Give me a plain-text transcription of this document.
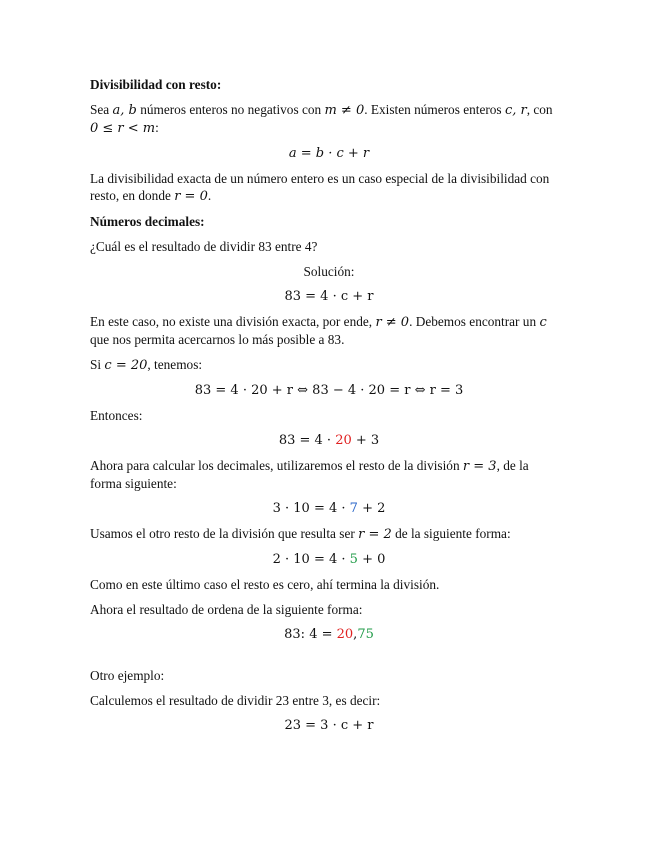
Divisibilidad con resto:

Sea a, b números enteros no negativos con m ≠ 0. Existen números enteros c, r, con
0 ≤ r < m:

a = b · c + r

La divisibilidad exacta de un número entero es un caso especial de la divisibilidad con
resto, en donde r = 0.

Números decimales:

¿Cuál es el resultado de dividir 83 entre 4?

Solución:

83 = 4 · c + r

En este caso, no existe una división exacta, por ende, r ≠ 0. Debemos encontrar un c
que nos permita acercarnos lo más posible a 83.

Si c = 20, tenemos:

83 = 4 · 20 + r ⇔ 83 − 4 · 20 = r ⇔ r = 3

Entonces:

83 = 4 · 20 + 3

Ahora para calcular los decimales, utilizaremos el resto de la división r = 3, de la
forma siguiente:

3 · 10 = 4 · 7 + 2

Usamos el otro resto de la división que resulta ser r = 2 de la siguiente forma:

2 · 10 = 4 · 5 + 0

Como en este último caso el resto es cero, ahí termina la división.

Ahora el resultado de ordena de la siguiente forma:

83: 4 = 20,75

Otro ejemplo:

Calculemos el resultado de dividir 23 entre 3, es decir:

23 = 3 · c + r
